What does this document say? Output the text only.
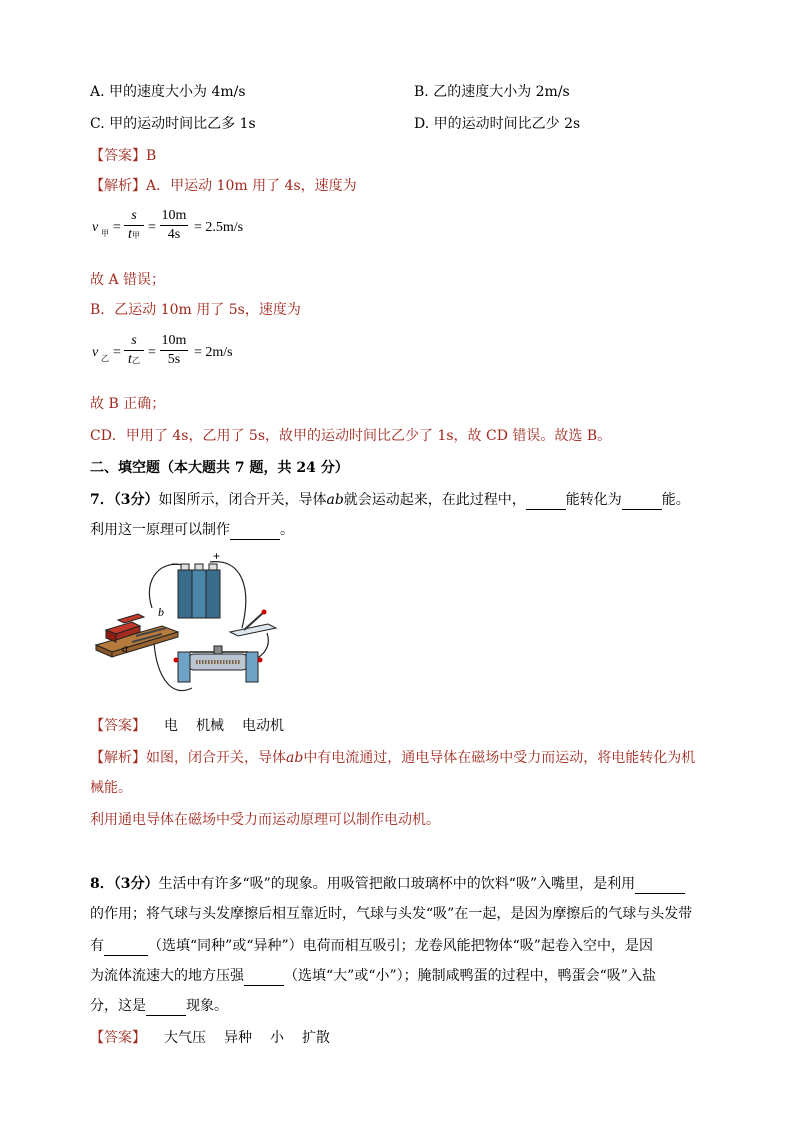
A. 甲的速度大小为 4m/s	B. 乙的速度大小为 2m/s
C. 甲的运动时间比乙多 1s	D. 甲的运动时间比乙少 2s
【答案】B
【解析】A．甲运动 10m 用了 4s，速度为
v 甲 =
s
t甲
=
10m
4s = 2.5m/s
故 A 错误；
B．乙运动 10m 用了 5s，速度为
v 乙 =
s
t乙
=
10m
5s = 2m/s
故 B 正确；
CD．甲用了 4s，乙用了 5s，故甲的运动时间比乙少了 1s，故 CD 错误。故选 B。
二、填空题（本大题共 7 题，共 24 分）
7．（3分）如图所示，闭合开关，导体ab就会运动起来，在此过程中，	能转化为	能。
利用这一原理可以制作	。
−
+
b
a
【答案】 电 机械 电动机
【解析】如图，闭合开关，导体ab中有电流通过，通电导体在磁场中受力而运动，将电能转化为机
械能。
利用通电导体在磁场中受力而运动原理可以制作电动机。
8．（3分）生活中有许多“吸”的现象。用吸管把敞口玻璃杯中的饮料“吸”入嘴里，是利用
的作用；将气球与头发摩擦后相互靠近时，气球与头发“吸”在一起，是因为摩擦后的气球与头发带
有	（选填“同种”或“异种”）电荷而相互吸引；龙卷风能把物体“吸”起卷入空中，是因
为流体流速大的地方压强	（选填“大”或“小”）；腌制咸鸭蛋的过程中，鸭蛋会“吸”入盐
分，这是	现象。
【答案】 大气压 异种 小 扩散
